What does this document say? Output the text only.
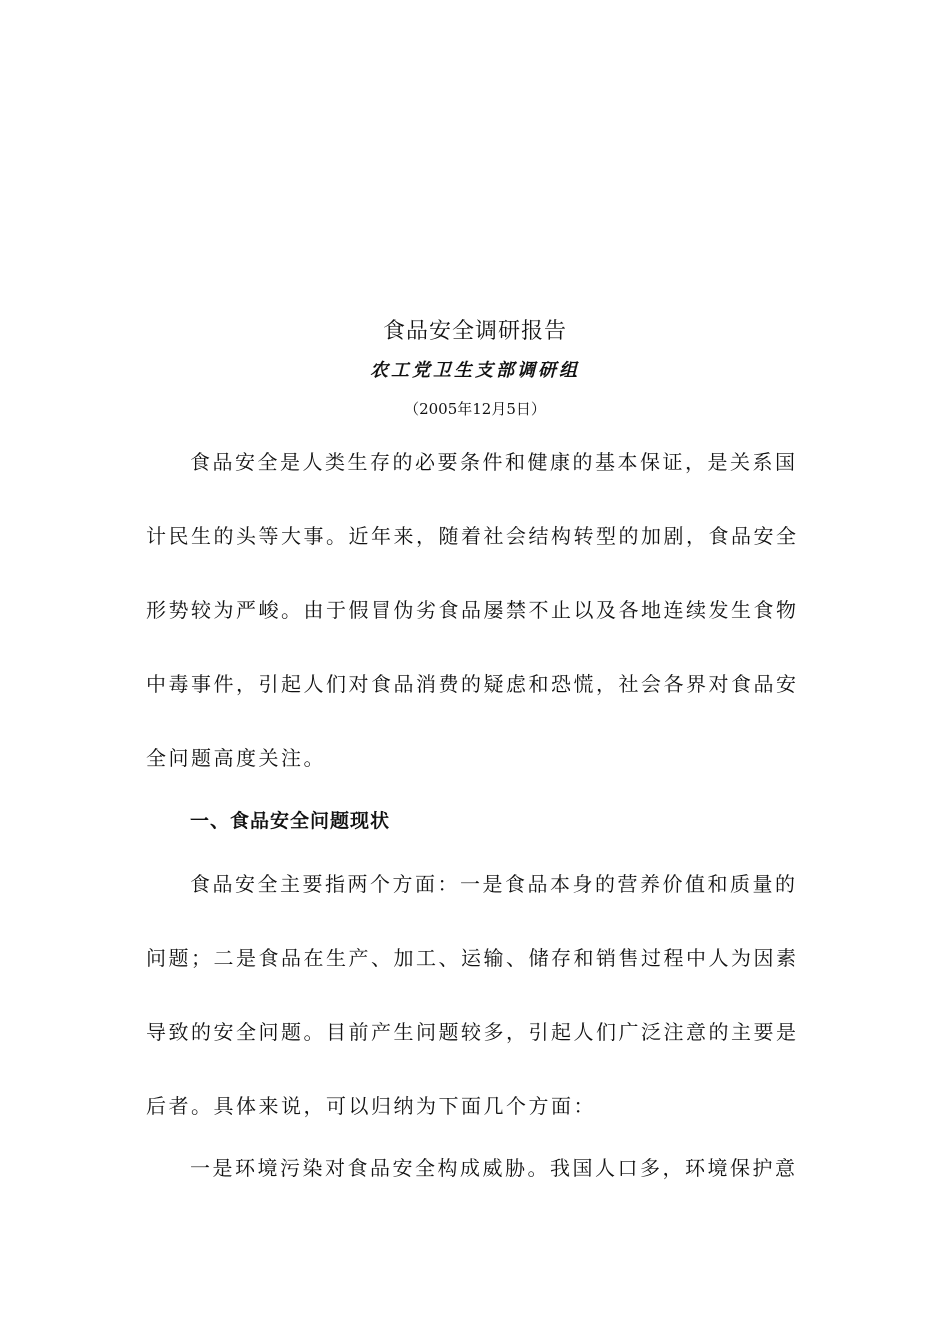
食品安全调研报告
农工党卫生支部调研组
（2005年12月5日）

食品安全是人类生存的必要条件和健康的基本保证，是关系国
计民生的头等大事。近年来，随着社会结构转型的加剧，食品安全
形势较为严峻。由于假冒伪劣食品屡禁不止以及各地连续发生食物
中毒事件，引起人们对食品消费的疑虑和恐慌，社会各界对食品安
全问题高度关注。

一、食品安全问题现状

食品安全主要指两个方面：一是食品本身的营养价值和质量的
问题；二是食品在生产、加工、运输、储存和销售过程中人为因素
导致的安全问题。目前产生问题较多，引起人们广泛注意的主要是
后者。具体来说，可以归纳为下面几个方面：

一是环境污染对食品安全构成威胁。我国人口多，环境保护意
